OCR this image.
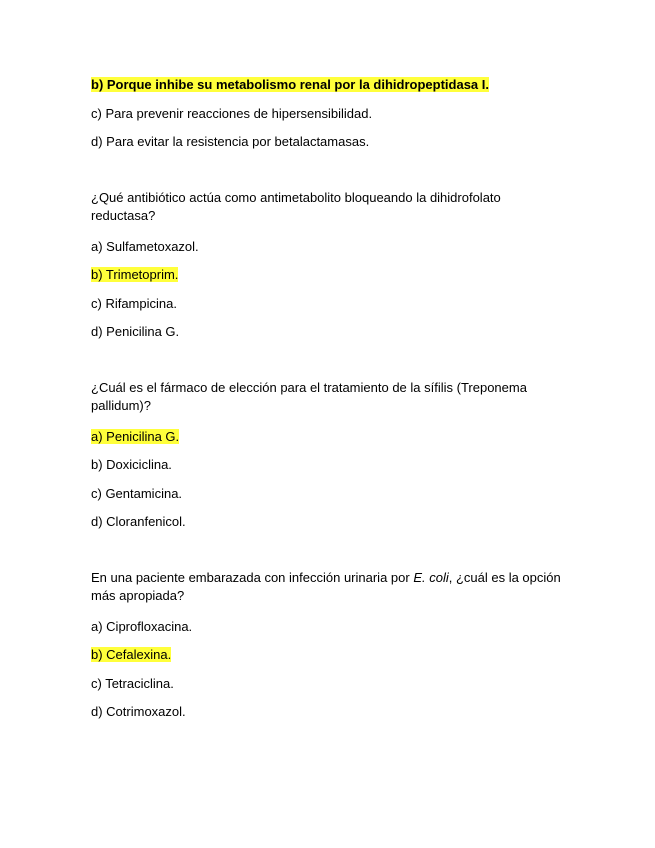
b) Porque inhibe su metabolismo renal por la dihidropeptidasa I.

c) Para prevenir reacciones de hipersensibilidad.

d) Para evitar la resistencia por betalactamasas.

¿Qué antibiótico actúa como antimetabolito bloqueando la dihidrofolato reductasa?

a) Sulfametoxazol.

b) Trimetoprim.

c) Rifampicina.

d) Penicilina G.

¿Cuál es el fármaco de elección para el tratamiento de la sífilis (Treponema pallidum)?

a) Penicilina G.

b) Doxiciclina.

c) Gentamicina.

d) Cloranfenicol.

En una paciente embarazada con infección urinaria por E. coli, ¿cuál es la opción más apropiada?

a) Ciprofloxacina.

b) Cefalexina.

c) Tetraciclina.

d) Cotrimoxazol.
